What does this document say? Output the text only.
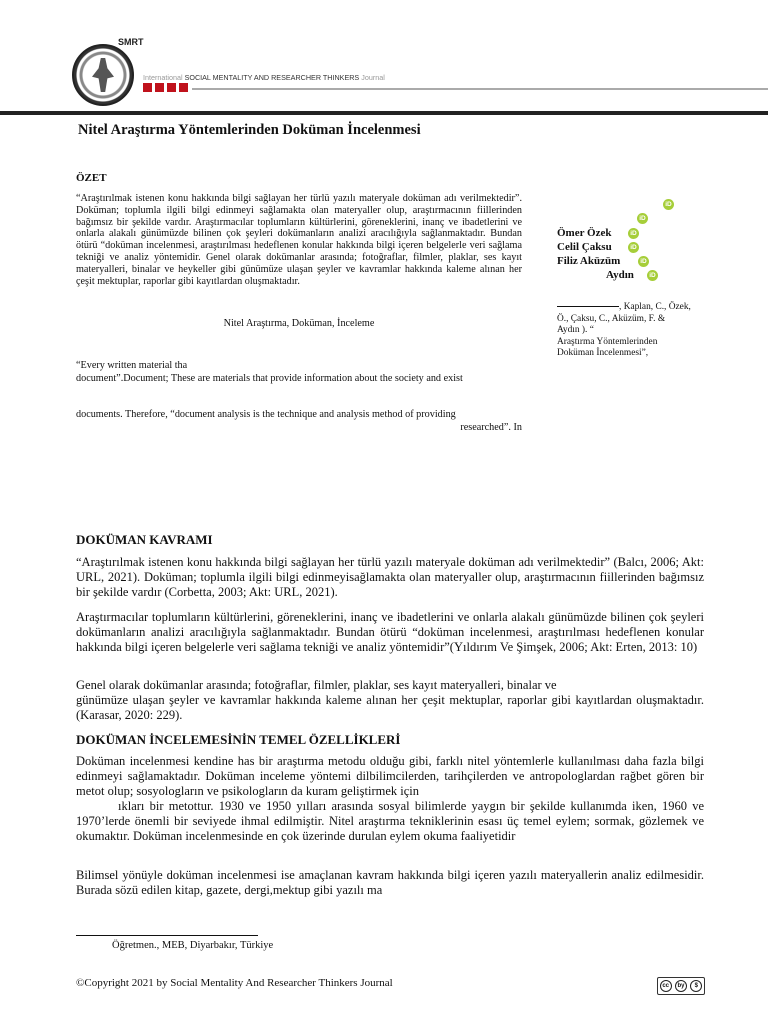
SMRT
International SOCIAL MENTALITY AND RESEARCHER THINKERS Journal
Nitel Araştırma Yöntemlerinden Doküman İncelenmesi
ÖZET
“Araştırılmak istenen konu hakkında bilgi sağlayan her türlü yazılı materyale doküman adı verilmektedir”. Doküman; toplumla ilgili bilgi edinmeyi sağlamakta olan materyaller olup, araştırmacının fiillerinden bağımsız bir şekilde vardır. Araştırmacılar toplumların kültürlerini, göreneklerini, inanç ve ibadetlerini ve onlarla alakalı günümüzde bilinen çok şeyleri dokümanların analizi aracılığıyla sağlanmaktadır. Bundan ötürü “doküman incelenmesi, araştırılması hedeflenen konular hakkında bilgi içeren belgelerle veri sağlama tekniği ve analiz yöntemidir. Genel olarak dokümanlar arasında; fotoğraflar, filmler, plaklar, ses kayıt materyalleri, binalar ve heykeller gibi günümüze ulaşan şeyler ve kavramlar hakkında kaleme alınan her çeşit mektuplar, raporlar gibi kayıtlardan oluşmaktadır.
Nitel Araştırma, Doküman, İnceleme
“Every written material tha
document”.Document; These are materials that provide information about the society and exist
documents. Therefore, “document analysis is the technique and analysis method of providing
researched”. In
iD
iD
Ömer Özek	iD
Celil Çaksu	iD
Filiz Aküzüm	iD
Aydın	iD
, Kaplan, C., Özek,
Ö., Çaksu, C., Aküzüm, F. &
Aydın ). “
Araştırma Yöntemlerinden
Doküman İncelenmesi”,
DOKÜMAN KAVRAMI
“Araştırılmak istenen konu hakkında bilgi sağlayan her türlü yazılı materyale doküman adı verilmektedir” (Balcı, 2006; Akt: URL, 2021). Doküman; toplumla ilgili bilgi edinmeyisağlamakta olan materyaller olup, araştırmacının fiillerinden bağımsız bir şekilde vardır (Corbetta, 2003; Akt: URL, 2021).
Araştırmacılar toplumların kültürlerini, göreneklerini, inanç ve ibadetlerini ve onlarla alakalı günümüzde bilinen çok şeyleri dokümanların analizi aracılığıyla sağlanmaktadır. Bundan ötürü “doküman incelenmesi, araştırılması hedeflenen konular hakkında bilgi içeren belgelerle veri sağlama tekniği ve analiz yöntemidir”(Yıldırım Ve Şimşek, 2006; Akt: Erten, 2013: 10)
Genel olarak dokümanlar arasında; fotoğraflar, filmler, plaklar, ses kayıt materyalleri, binalar ve
günümüze ulaşan şeyler ve kavramlar hakkında kaleme alınan her çeşit mektuplar, raporlar gibi kayıtlardan oluşmaktadır. (Karasar, 2020: 229).
DOKÜMAN İNCELEMESİNİN TEMEL ÖZELLİKLERİ
Doküman incelenmesi kendine has bir araştırma metodu olduğu gibi, farklı nitel yöntemlerle kullanılması daha fazla bilgi edinmeyi sağlamaktadır. Doküman inceleme yöntemi dilbilimcilerden, tarihçilerden ve antropologlardan rağbet gören bir metot olup; sosyologların ve psikologların da kuram geliştirmek için
ıkları bir metottur. 1930 ve 1950 yılları arasında sosyal bilimlerde yaygın bir şekilde kullanımda iken, 1960 ve 1970’lerde önemli bir seviyede ihmal edilmiştir. Nitel araştırma tekniklerinin esası üç temel eylem; sormak, gözlemek ve okumaktır. Doküman incelenmesinde en çok üzerinde durulan eylem okuma faaliyetidir
Bilimsel yönüyle doküman incelenmesi ise amaçlanan kavram hakkında bilgi içeren yazılı materyallerin analiz edilmesidir. Burada sözü edilen kitap, gazete, dergi,mektup gibi yazılı ma
Öğretmen., MEB, Diyarbakır, Türkiye
©Copyright 2021 by Social Mentality And Researcher Thinkers Journal	cc	by	$
